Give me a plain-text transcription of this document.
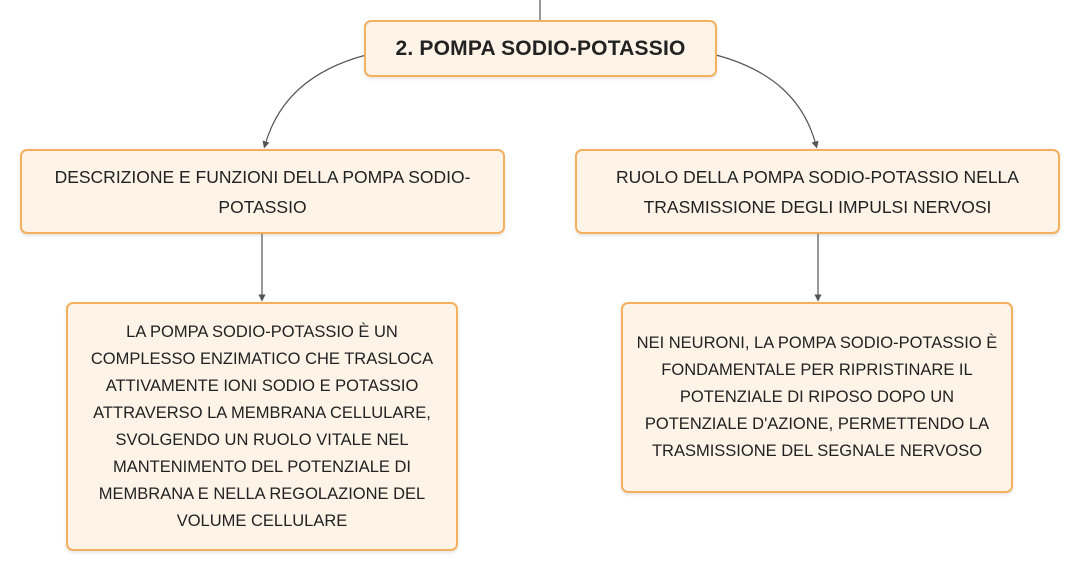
2. POMPA SODIO-POTASSIO
DESCRIZIONE E FUNZIONI DELLA POMPA SODIO-POTASSIO
RUOLO DELLA POMPA SODIO-POTASSIO NELLA TRASMISSIONE DEGLI IMPULSI NERVOSI
LA POMPA SODIO-POTASSIO È UN COMPLESSO ENZIMATICO CHE TRASLOCA ATTIVAMENTE IONI SODIO E POTASSIO ATTRAVERSO LA MEMBRANA CELLULARE, SVOLGENDO UN RUOLO VITALE NEL MANTENIMENTO DEL POTENZIALE DI MEMBRANA E NELLA REGOLAZIONE DEL VOLUME CELLULARE
NEI NEURONI, LA POMPA SODIO-POTASSIO È FONDAMENTALE PER RIPRISTINARE IL POTENZIALE DI RIPOSO DOPO UN POTENZIALE D'AZIONE, PERMETTENDO LA TRASMISSIONE DEL SEGNALE NERVOSO
